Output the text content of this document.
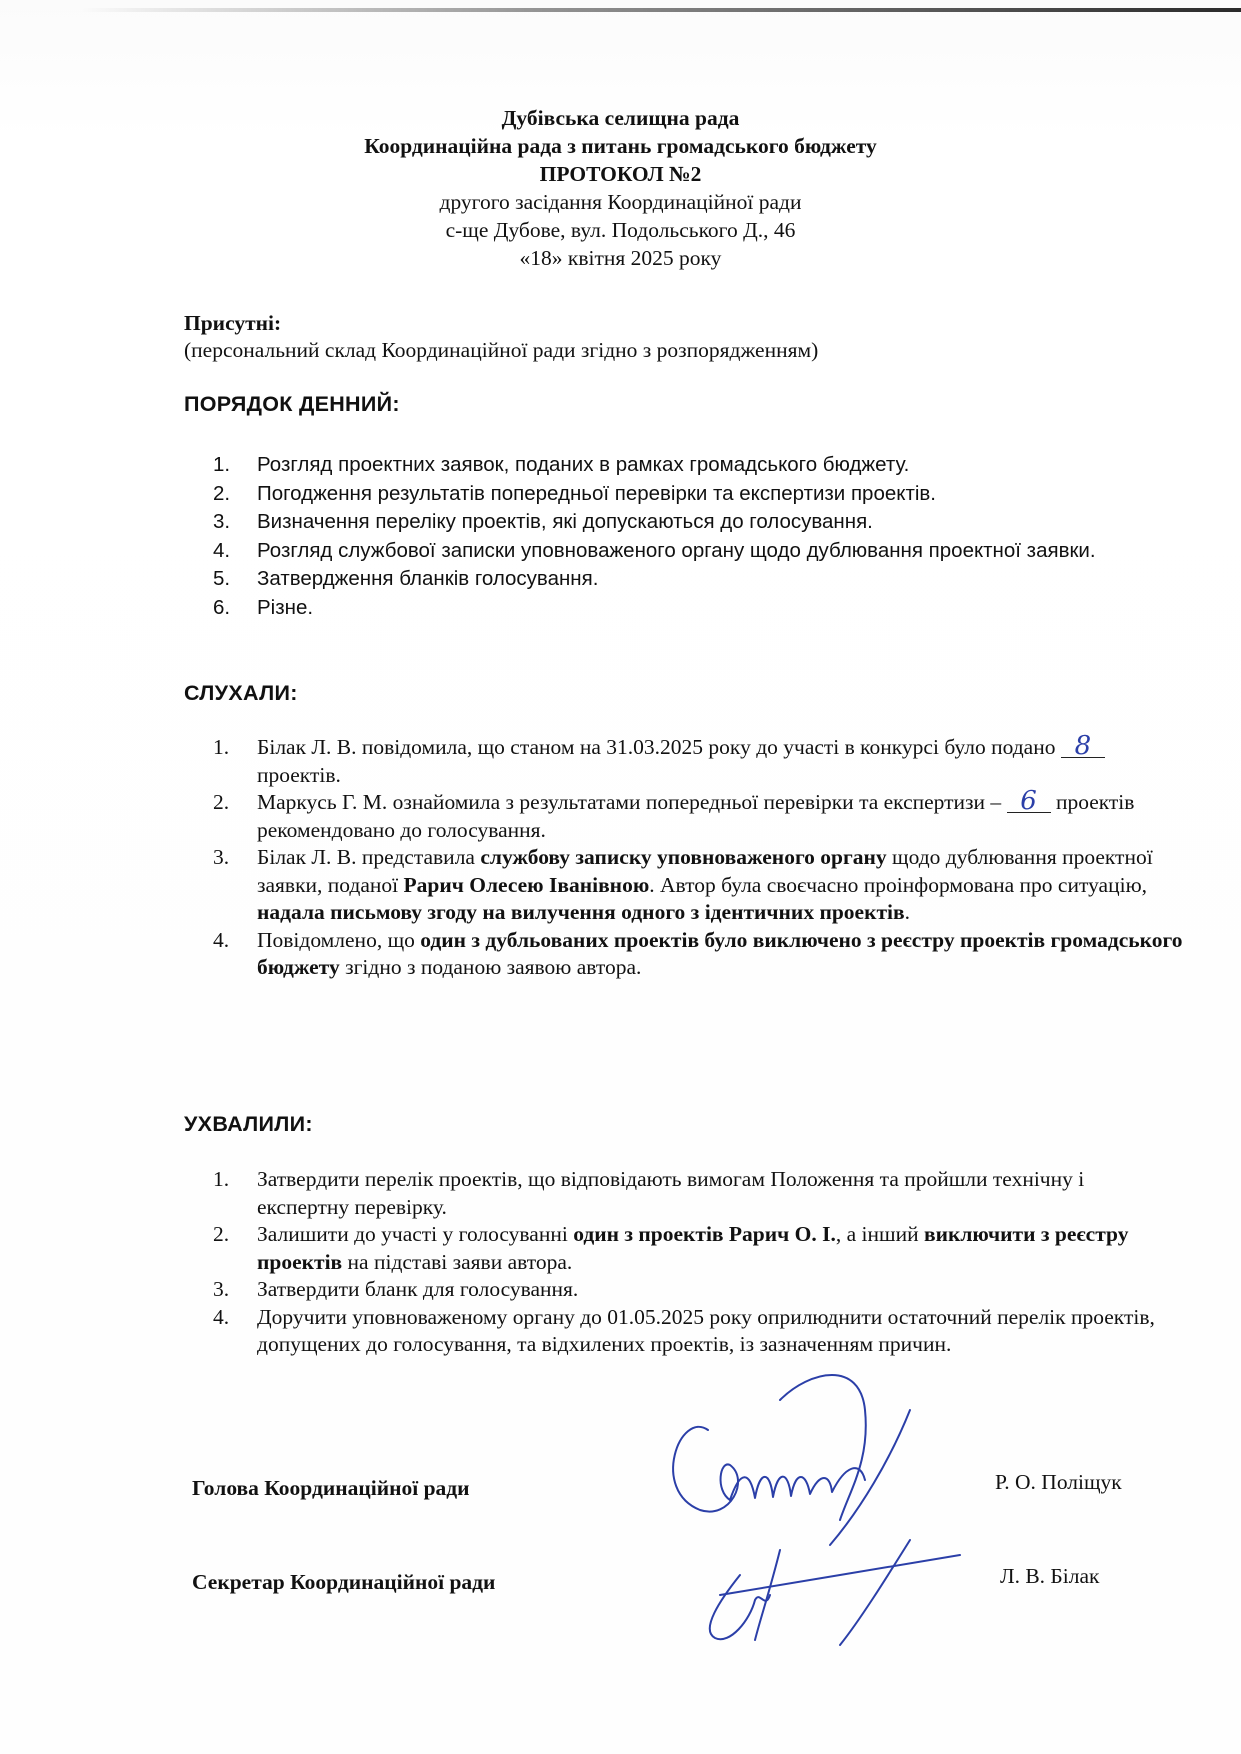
Дубівська селищна рада
Координаційна рада з питань громадського бюджету
ПРОТОКОЛ №2
другого засідання Координаційної ради
с-ще Дубове, вул. Подольського Д., 46
«18» квітня 2025 року
Присутні:
(персональний склад Координаційної ради згідно з розпорядженням)
ПОРЯДОК ДЕННИЙ:
1. Розгляд проектних заявок, поданих в рамках громадського бюджету.
2. Погодження результатів попередньої перевірки та експертизи проектів.
3. Визначення переліку проектів, які допускаються до голосування.
4. Розгляд службової записки уповноваженого органу щодо дублювання проектної заявки.
5. Затвердження бланків голосування.
6. Різне.
СЛУХАЛИ:
1. Білак Л. В. повідомила, що станом на 31.03.2025 року до участі в конкурсі було подано 8 проектів.
2. Маркусь Г. М. ознайомила з результатами попередньої перевірки та експертизи – 6 проектів рекомендовано до голосування.
3. Білак Л. В. представила службову записку уповноваженого органу щодо дублювання проектної заявки, поданої Рарич Олесею Іванівною. Автор була своєчасно проінформована про ситуацію, надала письмову згоду на вилучення одного з ідентичних проектів.
4. Повідомлено, що один з дубльованих проектів було виключено з реєстру проектів громадського бюджету згідно з поданою заявою автора.
УХВАЛИЛИ:
1. Затвердити перелік проектів, що відповідають вимогам Положення та пройшли технічну і експертну перевірку.
2. Залишити до участі у голосуванні один з проектів Рарич О. І., а інший виключити з реєстру проектів на підставі заяви автора.
3. Затвердити бланк для голосування.
4. Доручити уповноваженому органу до 01.05.2025 року оприлюднити остаточний перелік проектів, допущених до голосування, та відхилених проектів, із зазначенням причин.
Голова Координаційної ради	Р. О. Поліщук
Секретар Координаційної ради	Л. В. Білак
